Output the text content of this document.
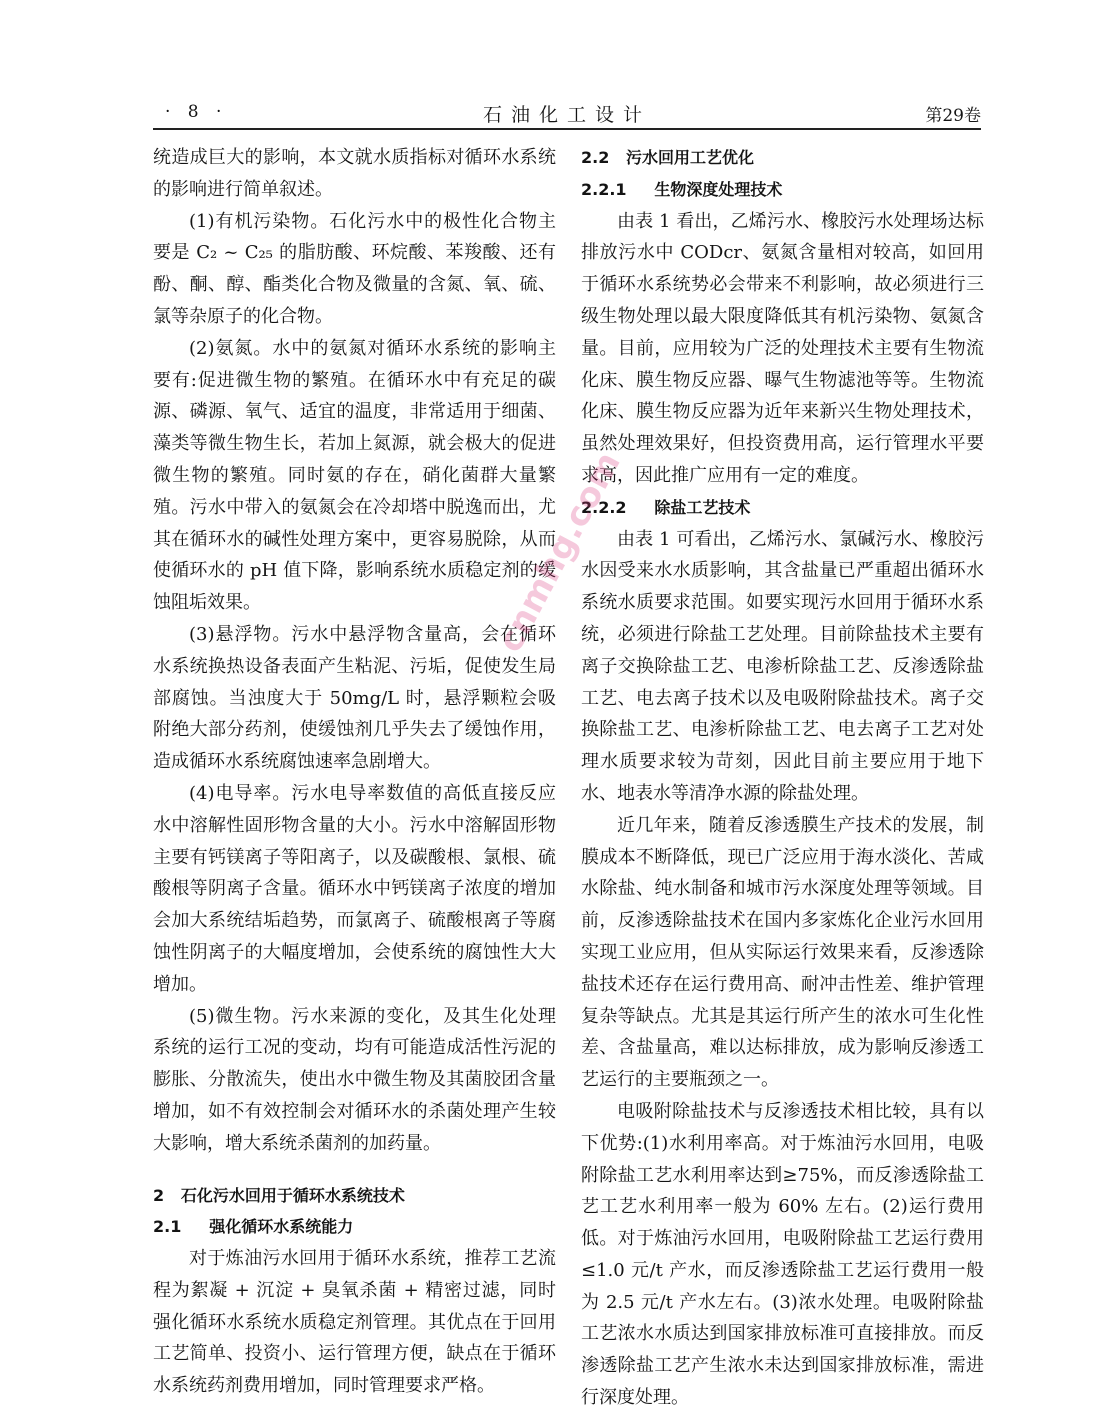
· 8 ·	石油化工设计	第29卷

统造成巨大的影响，本文就水质指标对循环水系统的影响进行简单叙述。

(1)有机污染物。石化污水中的极性化合物主要是 C₂ ~ C₂₅ 的脂肪酸、环烷酸、苯羧酸、还有酚、酮、醇、酯类化合物及微量的含氮、氧、硫、氯等杂原子的化合物。

(2)氨氮。水中的氨氮对循环水系统的影响主要有:促进微生物的繁殖。在循环水中有充足的碳源、磷源、氧气、适宜的温度，非常适用于细菌、藻类等微生物生长，若加上氮源，就会极大的促进微生物的繁殖。同时氨的存在，硝化菌群大量繁殖。污水中带入的氨氮会在冷却塔中脱逸而出，尤其在循环水的碱性处理方案中，更容易脱除，从而使循环水的 pH 值下降，影响系统水质稳定剂的缓蚀阻垢效果。

(3)悬浮物。污水中悬浮物含量高，会在循环水系统换热设备表面产生粘泥、污垢，促使发生局部腐蚀。当浊度大于 50mg/L 时，悬浮颗粒会吸附绝大部分药剂，使缓蚀剂几乎失去了缓蚀作用，造成循环水系统腐蚀速率急剧增大。

(4)电导率。污水电导率数值的高低直接反应水中溶解性固形物含量的大小。污水中溶解固形物主要有钙镁离子等阳离子，以及碳酸根、氯根、硫酸根等阴离子含量。循环水中钙镁离子浓度的增加会加大系统结垢趋势，而氯离子、硫酸根离子等腐蚀性阴离子的大幅度增加，会使系统的腐蚀性大大增加。

(5)微生物。污水来源的变化，及其生化处理系统的运行工况的变动，均有可能造成活性污泥的膨胀、分散流失，使出水中微生物及其菌胶团含量增加，如不有效控制会对循环水的杀菌处理产生较大影响，增大系统杀菌剂的加药量。

2   石化污水回用于循环水系统技术
2.1     强化循环水系统能力

对于炼油污水回用于循环水系统，推荐工艺流程为絮凝 + 沉淀 + 臭氧杀菌 + 精密过滤，同时强化循环水系统水质稳定剂管理。其优点在于回用工艺简单、投资小、运行管理方便，缺点在于循环水系统药剂费用增加，同时管理要求严格。

2.2   污水回用工艺优化
2.2.1     生物深度处理技术

由表 1 看出，乙烯污水、橡胶污水处理场达标排放污水中 CODcr、氨氮含量相对较高，如回用于循环水系统势必会带来不利影响，故必须进行三级生物处理以最大限度降低其有机污染物、氨氮含量。目前，应用较为广泛的处理技术主要有生物流化床、膜生物反应器、曝气生物滤池等等。生物流化床、膜生物反应器为近年来新兴生物处理技术，虽然处理效果好，但投资费用高，运行管理水平要求高，因此推广应用有一定的难度。

2.2.2     除盐工艺技术

由表 1 可看出，乙烯污水、氯碱污水、橡胶污水因受来水水质影响，其含盐量已严重超出循环水系统水质要求范围。如要实现污水回用于循环水系统，必须进行除盐工艺处理。目前除盐技术主要有离子交换除盐工艺、电渗析除盐工艺、反渗透除盐工艺、电去离子技术以及电吸附除盐技术。离子交换除盐工艺、电渗析除盐工艺、电去离子工艺对处理水质要求较为苛刻，因此目前主要应用于地下水、地表水等清净水源的除盐处理。

近几年来，随着反渗透膜生产技术的发展，制膜成本不断降低，现已广泛应用于海水淡化、苦咸水除盐、纯水制备和城市污水深度处理等领域。目前，反渗透除盐技术在国内多家炼化企业污水回用实现工业应用，但从实际运行效果来看，反渗透除盐技术还存在运行费用高、耐冲击性差、维护管理复杂等缺点。尤其是其运行所产生的浓水可生化性差、含盐量高，难以达标排放，成为影响反渗透工艺运行的主要瓶颈之一。

电吸附除盐技术与反渗透技术相比较，具有以下优势:(1)水利用率高。对于炼油污水回用，电吸附除盐工艺水利用率达到≥75%，而反渗透除盐工艺工艺水利用率一般为 60% 左右。(2)运行费用低。对于炼油污水回用，电吸附除盐工艺运行费用≤1.0 元/t 产水，而反渗透除盐工艺运行费用一般为 2.5 元/t 产水左右。(3)浓水处理。电吸附除盐工艺浓水水质达到国家排放标准可直接排放。而反渗透除盐工艺产生浓水未达到国家排放标准，需进行深度处理。

cnmhg.com
